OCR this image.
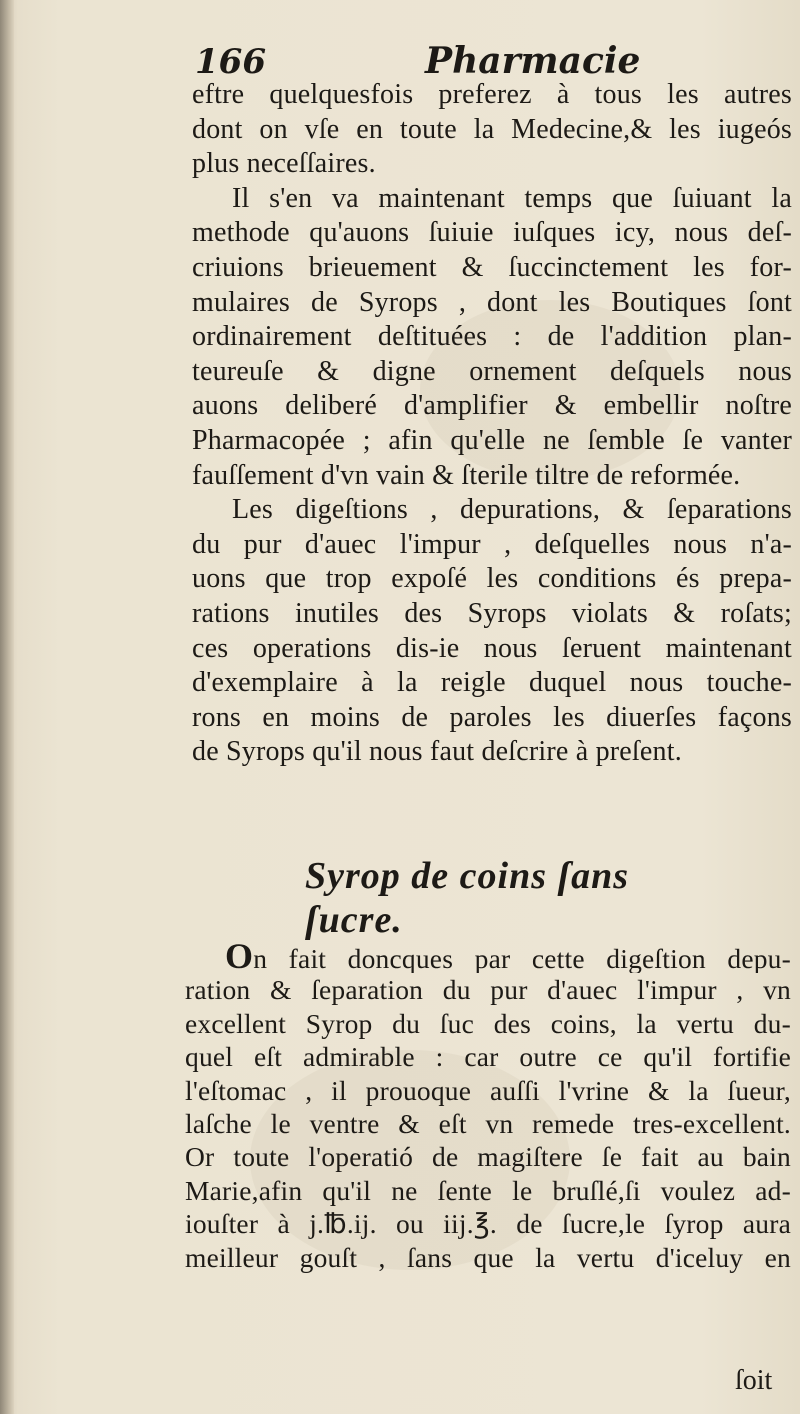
166	Pharmacie
eftre quelquesfois preferez à tous les autres
dont on vſe en toute la Medecine,& les iugeós
plus neceſſaires.
Il s'en va maintenant temps que ſuiuant la
methode qu'auons ſuiuie iuſques icy, nous deſ-
criuions brieuement & ſuccinctement les for-
mulaires de Syrops , dont les Boutiques ſont
ordinairement deſtituées : de l'addition plan-
teureuſe & digne ornement deſquels nous
auons deliberé d'amplifier & embellir noſtre
Pharmacopée ; afin qu'elle ne ſemble ſe vanter
fauſſement d'vn vain & ſterile tiltre de reformée.
Les digeſtions , depurations, & ſeparations
du pur d'auec l'impur , deſquelles nous n'a-
uons que trop expoſé les conditions és prepa-
rations inutiles des Syrops violats & roſats;
ces operations dis-ie nous ſeruent maintenant
d'exemplaire à la reigle duquel nous touche-
rons en moins de paroles les diuerſes façons
de Syrops qu'il nous faut deſcrire à preſent.
Syrop de coins ſans ſucre.
On fait doncques par cette digeſtion depu-
ration & ſeparation du pur d'auec l'impur , vn
excellent Syrop du ſuc des coins, la vertu du-
quel eſt admirable : car outre ce qu'il fortifie
l'eſtomac , il prouoque auſſi l'vrine & la ſueur,
laſche le ventre & eſt vn remede tres-excellent.
Or toute l'operatió de magiſtere ſe fait au bain
Marie,afin qu'il ne ſente le bruſlé,ſi voulez ad-
iouſter à j.℔.ij. ou iij.℥. de ſucre,le ſyrop aura
meilleur gouſt , ſans que la vertu d'iceluy en
ſoit
